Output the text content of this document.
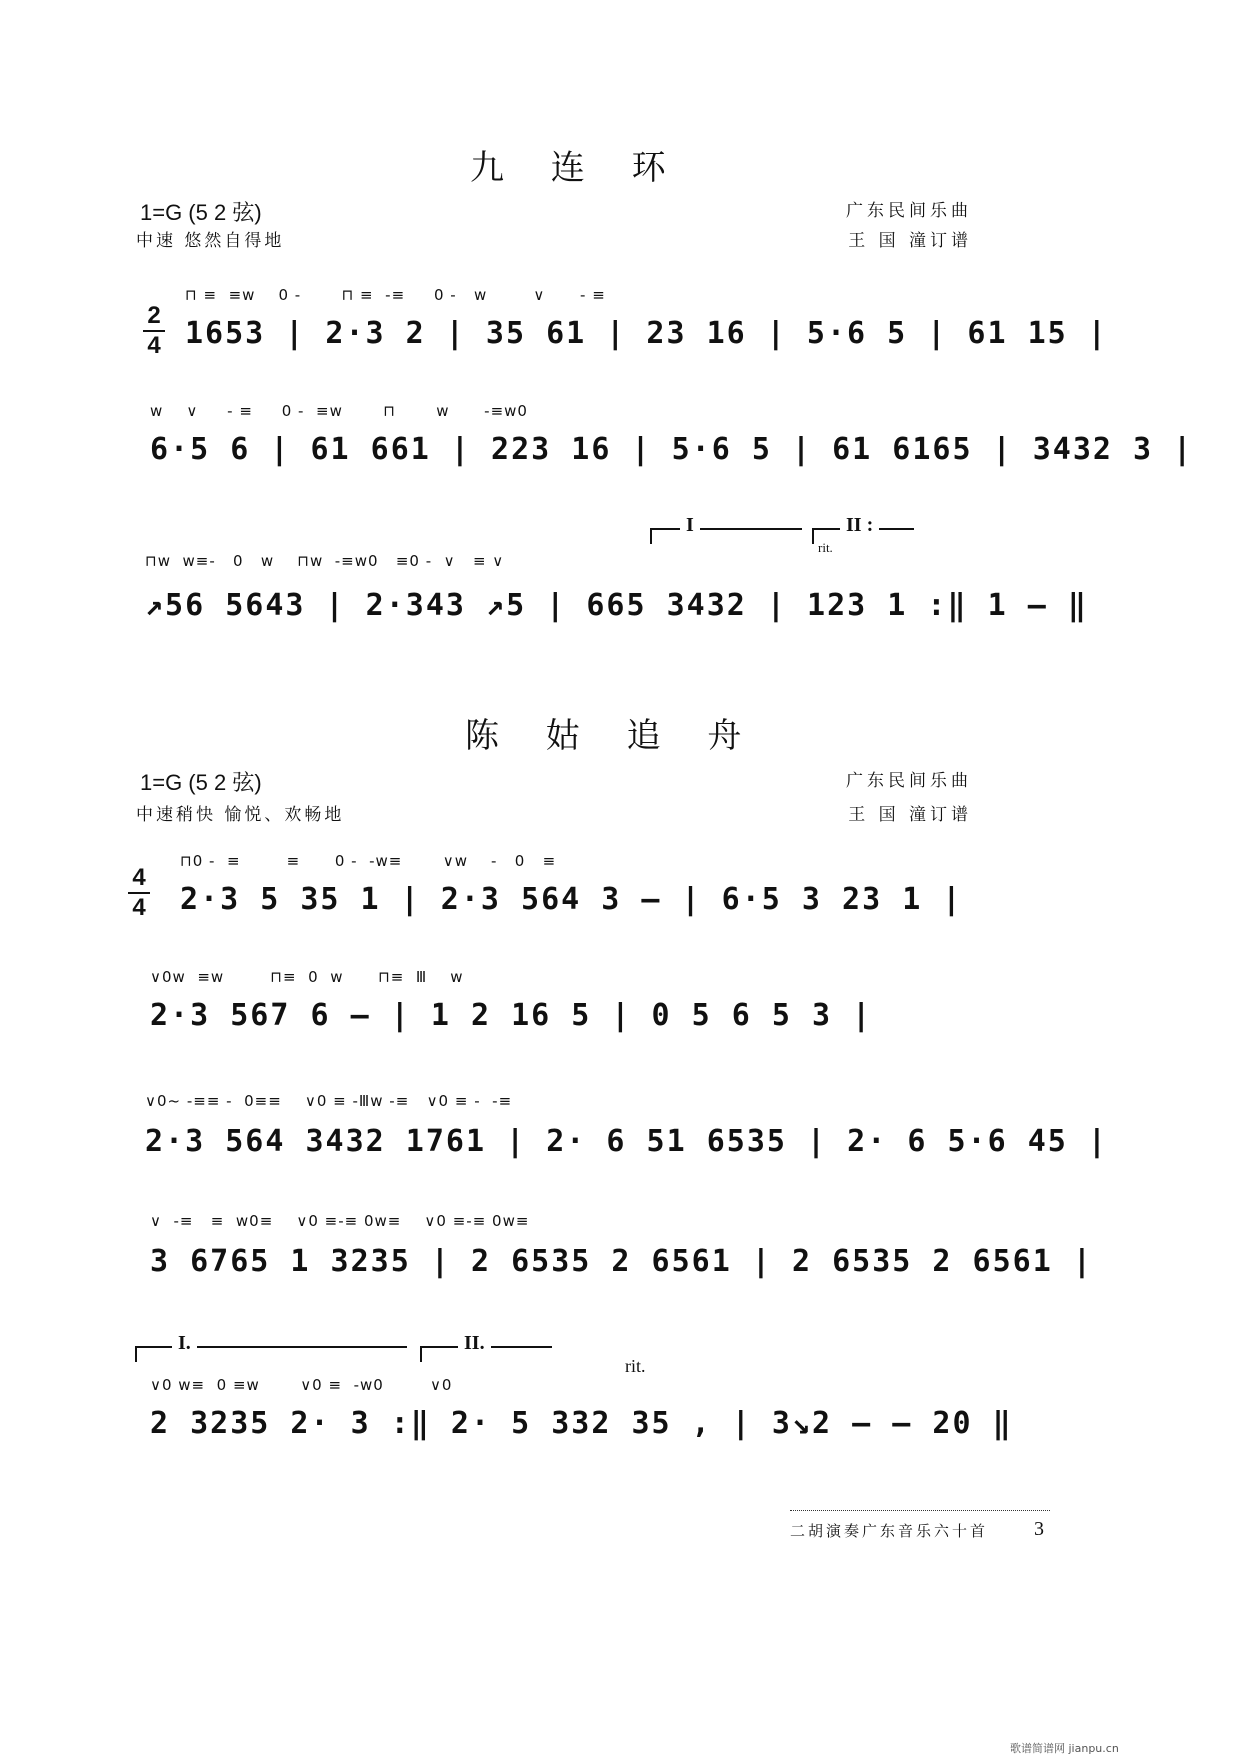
九 连 环
1=G (5 2 弦)
中速 悠然自得地
广东民间乐曲
王 国 潼订谱
2
4
⊓ ≡  ≡w    0 -       ⊓ ≡  -≡     0 -   w        ∨      - ≡
1653 | 2·3 2 | 35 61 | 23 16 | 5·6 5 | 61 15 |
w    ∨     - ≡     0 -  ≡w       ⊓       w      -≡w0
6·5 6 | 61 661 | 223 16 | 5·6 5 | 61 6165 | 3432 3 |
I	II :
rit.
⊓w  w≡-   0   w    ⊓w  -≡w0   ≡0 -  ∨   ≡ ∨
↗56 5643 | 2·343 ↗5 | 665 3432 | 123 1 :‖ 1 — ‖
陈 姑 追 舟
1=G (5 2 弦)
中速稍快 愉悦、欢畅地
广东民间乐曲
王 国 潼订谱
4
4
⊓0 -  ≡        ≡      0 -  -w≡       ∨w    -   0   ≡
2·3 5 35 1 | 2·3 564 3 — | 6·5 3 23 1 |
∨0w  ≡w        ⊓≡  0  w      ⊓≡  Ⅲ    w
2·3 567 6 — | 1 2 16 5 | 0 5 6 5 3 |
∨0~ -≡≡ -  0≡≡    ∨0 ≡ -Ⅲw -≡   ∨0 ≡ -  -≡
2·3 564 3432 1761 | 2· 6 51 6535 | 2· 6 5·6 45 |
∨  -≡   ≡  w0≡    ∨0 ≡-≡ 0w≡    ∨0 ≡-≡ 0w≡
3 6765 1 3235 | 2 6535 2 6561 | 2 6535 2 6561 |
I.	II.
rit.
∨0 w≡  0 ≡w       ∨0 ≡  -w0        ∨0
2 3235 2· 3 :‖ 2· 5 332 35 , | 3↘2 — — 20 ‖
二胡演奏广东音乐六十首 3
歌谱简谱网 jianpu.cn
